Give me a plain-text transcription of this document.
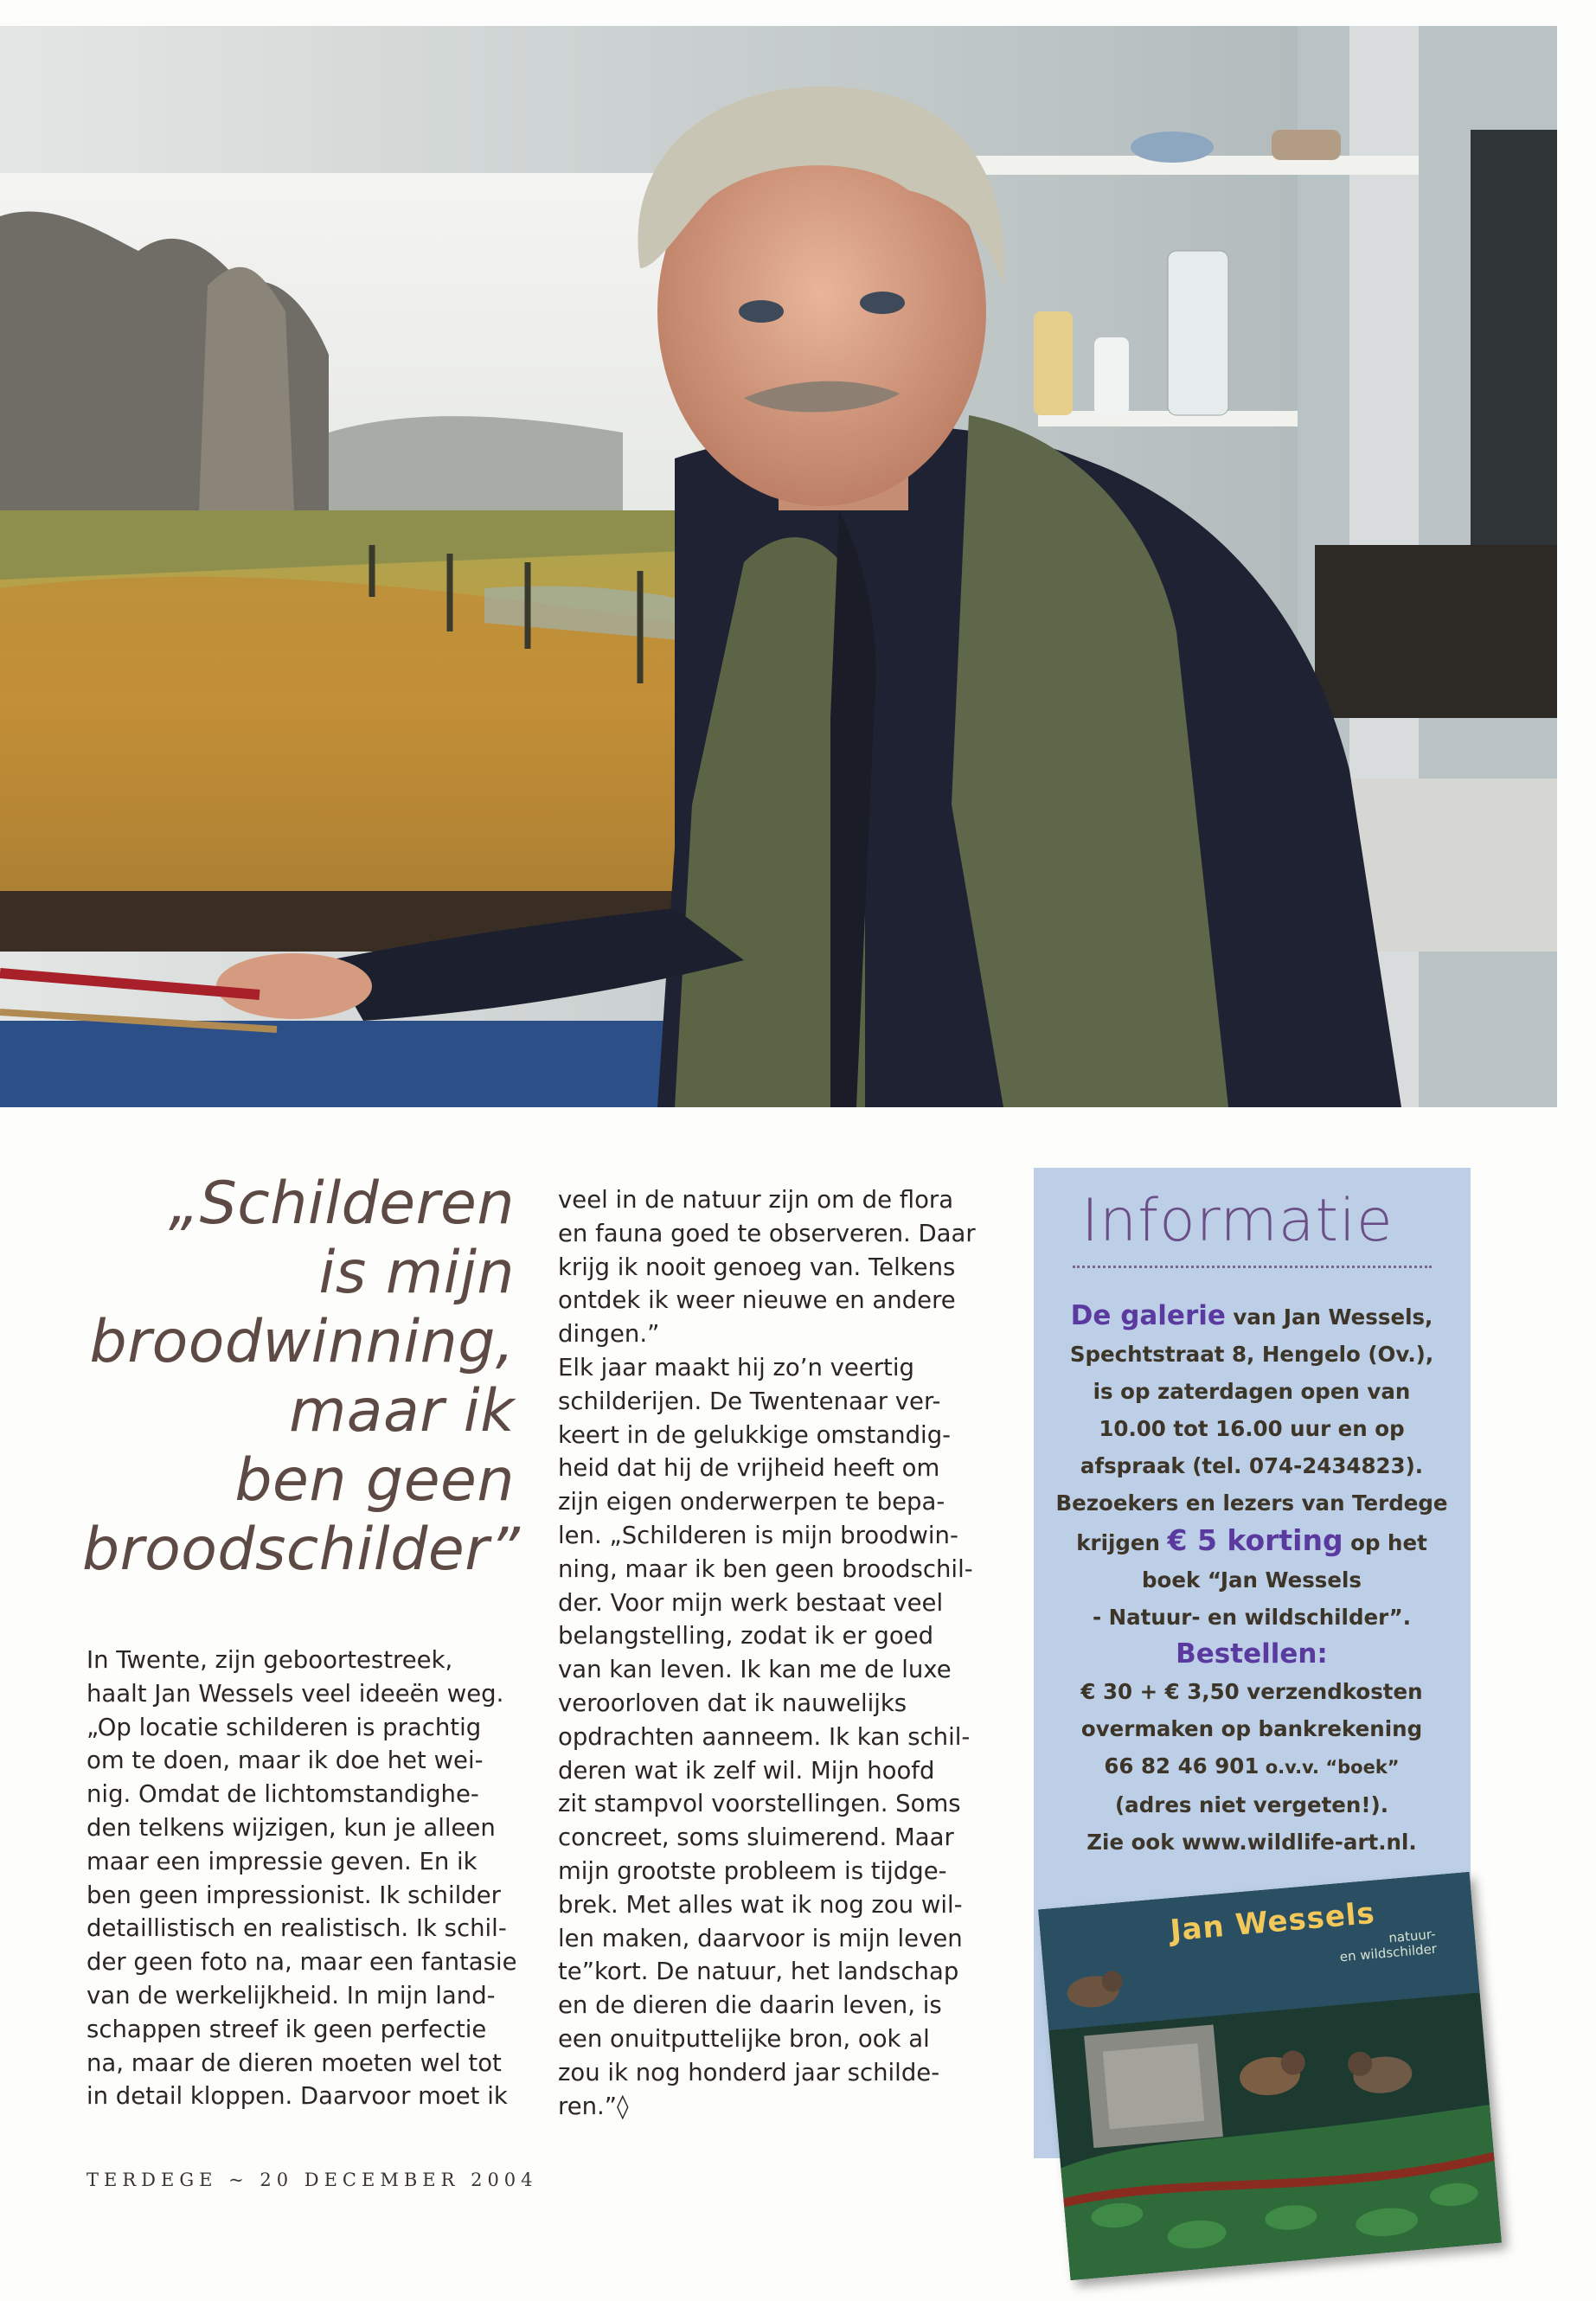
„Schilderen
is mijn
broodwinning,
maar ik
ben geen
broodschilder”
In Twente, zijn geboortestreek,
haalt Jan Wessels veel ideeën weg.
„Op locatie schilderen is prachtig
om te doen, maar ik doe het wei-
nig. Omdat de lichtomstandighe-
den telkens wijzigen, kun je alleen
maar een impressie geven. En ik
ben geen impressionist. Ik schilder
detaillistisch en realistisch. Ik schil-
der geen foto na, maar een fantasie
van de werkelijkheid. In mijn land-
schappen streef ik geen perfectie
na, maar de dieren moeten wel tot
in detail kloppen. Daarvoor moet ik
veel in de natuur zijn om de flora
en fauna goed te observeren. Daar
krijg ik nooit genoeg van. Telkens
ontdek ik weer nieuwe en andere
dingen.”
Elk jaar maakt hij zo’n veertig
schilderijen. De Twentenaar ver-
keert in de gelukkige omstandig-
heid dat hij de vrijheid heeft om
zijn eigen onderwerpen te bepa-
len. „Schilderen is mijn broodwin-
ning, maar ik ben geen broodschil-
der. Voor mijn werk bestaat veel
belangstelling, zodat ik er goed
van kan leven. Ik kan me de luxe
veroorloven dat ik nauwelijks
opdrachten aanneem. Ik kan schil-
deren wat ik zelf wil. Mijn hoofd
zit stampvol voorstellingen. Soms
concreet, soms sluimerend. Maar
mijn grootste probleem is tijdge-
brek. Met alles wat ik nog zou wil-
len maken, daarvoor is mijn leven
te”kort. De natuur, het landschap
en de dieren die daarin leven, is
een onuitputtelijke bron, ook al
zou ik nog honderd jaar schilde-
ren.”◊
TERDEGE ~ 20 DECEMBER 2004
Informatie
De galerie van Jan Wessels,
Spechtstraat 8, Hengelo (Ov.),
is op zaterdagen open van
10.00 tot 16.00 uur en op
afspraak (tel. 074-2434823).
Bezoekers en lezers van Terdege
krijgen € 5 korting op het
boek “Jan Wessels
- Natuur- en wildschilder”.
Bestellen:
€ 30 + € 3,50 verzendkosten
overmaken op bankrekening
66 82 46 901 o.v.v. “boek”
(adres niet vergeten!).
Zie ook www.wildlife-art.nl.
Jan Wessels natuur-
en wildschilder
